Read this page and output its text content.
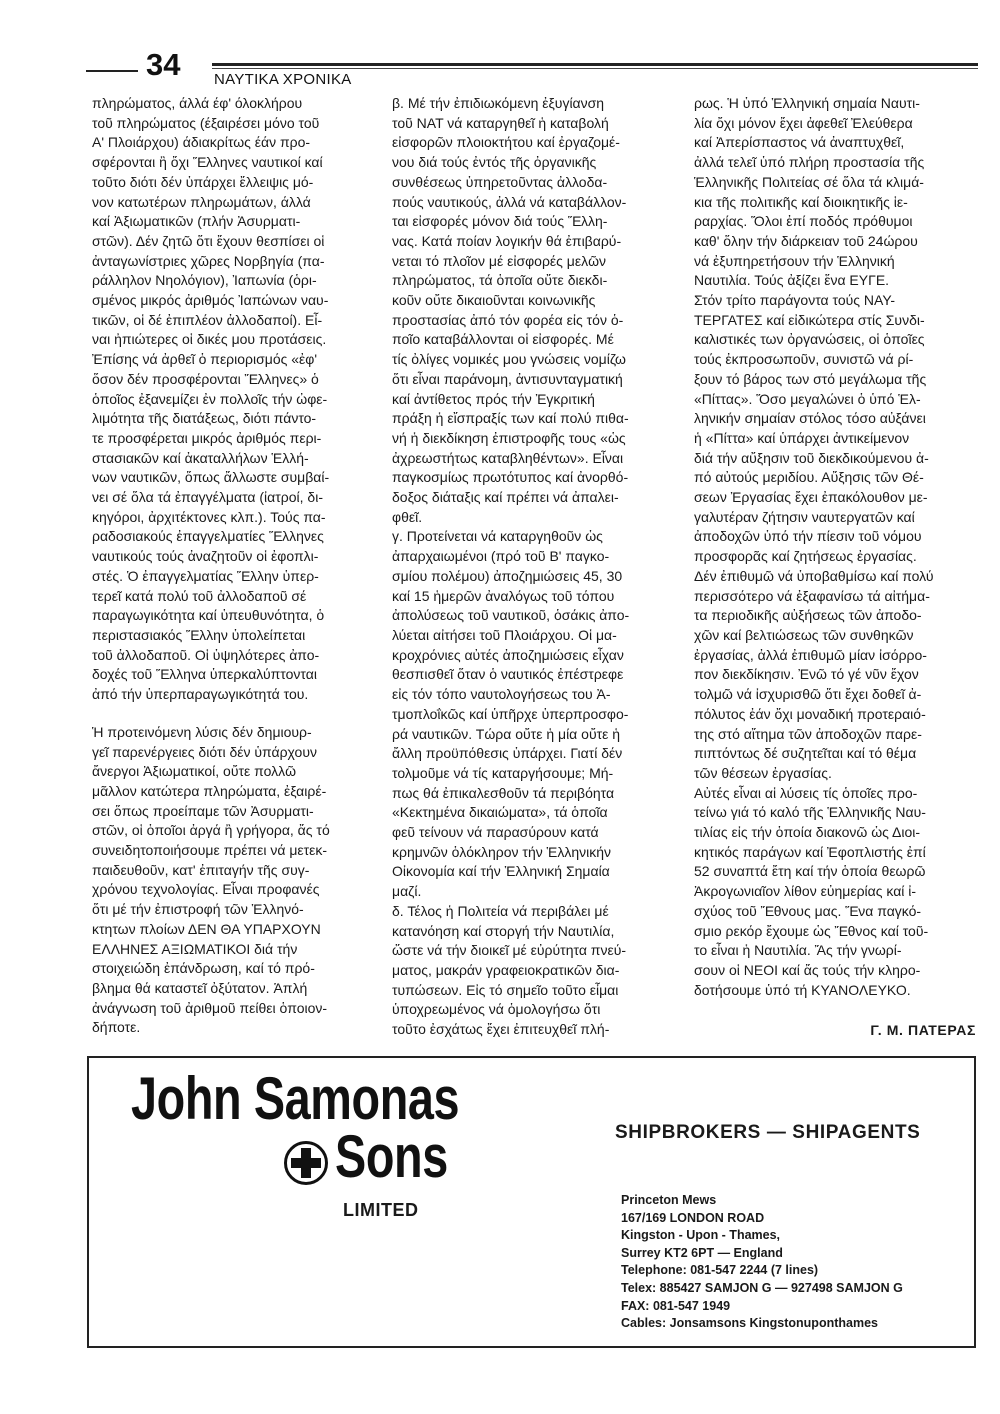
34 ΝΑΥΤΙΚΑ ΧΡΟΝΙΚΑ

πληρώματος, άλλά έφ' όλοκλήρου
τοῦ πληρώματος (έξαιρέσει μόνο τοῦ
Α' Πλοιάρχου) άδιακρίτως έάν προ-
σφέρονται ἢ ὄχι Ἕλληνες ναυτικοί καί
τοῦτο διότι δέν ὑπάρχει ἔλλειψις μό-
νον κατωτέρων πληρωμάτων, άλλά
καί Ἀξιωματικῶν (πλήν Ἀσυρματι-
στῶν). Δέν ζητῶ ὅτι ἔχουν θεσπίσει οἱ
ἀνταγωνίστριες χῶρες Νορβηγία (πα-
ράλληλον Νηολόγιον), Ἰαπωνία (ὁρι-
σμένος μικρός ἀριθμός Ἰαπώνων ναυ-
τικῶν, οἱ δέ ἐπιπλέον ἀλλοδαποί). Εἶ-
ναι ἠπιώτερες οἱ δικές μου προτάσεις.
Ἐπίσης νά ἀρθεῖ ὁ περιορισμός «ἐφ'
ὅσον δέν προσφέρονται Ἕλληνες» ὁ
ὁποῖος ἐξανεμίζει ἐν πολλοῖς τήν ὠφε-
λιμότητα τῆς διατάξεως, διότι πάντο-
τε προσφέρεται μικρός ἀριθμός περι-
στασιακῶν καί ἀκαταλλήλων Ἑλλή-
νων ναυτικῶν, ὅπως ἄλλωστε συμβαί-
νει σέ ὅλα τά ἐπαγγέλματα (ἰατροί, δι-
κηγόροι, ἀρχιτέκτονες κλπ.). Τούς πα-
ραδοσιακούς ἐπαγγελματίες Ἕλληνες
ναυτικούς τούς ἀναζητοῦν οἱ ἐφοπλι-
στές. Ὁ ἐπαγγελματίας Ἕλλην ὑπερ-
τερεῖ κατά πολύ τοῦ ἀλλοδαποῦ σέ
παραγωγικότητα καί ὑπευθυνότητα, ὁ
περιστασιακός Ἕλλην ὑπολείπεται
τοῦ ἀλλοδαποῦ. Οἱ ὑψηλότερες ἀπο-
δοχές τοῦ Ἕλληνα ὑπερκαλύπτονται
ἀπό τήν ὑπερπαραγωγικότητά του.

Ἡ προτεινόμενη λύσις δέν δημιουρ-
γεῖ παρενέργειες διότι δέν ὑπάρχουν
ἄνεργοι Ἀξιωματικοί, οὔτε πολλῶ
μᾶλλον κατώτερα πληρώματα, ἐξαιρέ-
σει ὅπως προείπαμε τῶν Ἀσυρματι-
στῶν, οἱ ὁποῖοι ἀργά ἢ γρήγορα, ἄς τό
συνειδητοποιήσουμε πρέπει νά μετεκ-
παιδευθοῦν, κατ' ἐπιταγήν τῆς συγ-
χρόνου τεχνολογίας. Εἶναι προφανές
ὅτι μέ τήν ἐπιστροφή τῶν Ἑλληνό-
κτητων πλοίων ΔΕΝ ΘΑ ΥΠΑΡΧΟΥΝ
ΕΛΛΗΝΕΣ ΑΞΙΩΜΑΤΙΚΟΙ διά τήν
στοιχειώδη ἐπάνδρωση, καί τό πρό-
βλημα θά καταστεῖ ὀξύτατον. Ἁπλή
ἀνάγνωση τοῦ ἀριθμοῦ πείθει ὁποιον-
δήποτε.

β. Μέ τήν ἐπιδιωκόμενη ἐξυγίανση
τοῦ ΝΑΤ νά καταργηθεῖ ἡ καταβολή
εἰσφορῶν πλοιοκτήτου καί ἐργαζομέ-
νου διά τούς ἐντός τῆς ὀργανικῆς
συνθέσεως ὑπηρετοῦντας ἀλλοδα-
πούς ναυτικούς, ἀλλά νά καταβάλλον-
ται εἰσφορές μόνον διά τούς Ἕλλη-
νας. Κατά ποίαν λογικήν θά ἐπιβαρύ-
νεται τό πλοῖον μέ εἰσφορές μελῶν
πληρώματος, τά ὁποῖα οὔτε διεκδι-
κοῦν οὔτε δικαιοῦνται κοινωνικῆς
προστασίας ἀπό τόν φορέα εἰς τόν ὁ-
ποῖο καταβάλλονται οἱ εἰσφορές. Μέ
τίς ὀλίγες νομικές μου γνώσεις νομίζω
ὅτι εἶναι παράνομη, ἀντισυνταγματική
καί ἀντίθετος πρός τήν Ἐγκριτική
πράξη ἡ εἴσπραξίς των καί πολύ πιθα-
νή ἡ διεκδίκηση ἐπιστροφῆς τους «ὡς
ἀχρεωστήτως καταβληθέντων». Εἶναι
παγκοσμίως πρωτότυπος καί ἀνορθό-
δοξος διάταξις καί πρέπει νά ἀπαλει-
φθεῖ.

γ. Προτείνεται νά καταργηθοῦν ὡς
ἀπαρχαιωμένοι (πρό τοῦ Β' παγκο-
σμίου πολέμου) ἀποζημιώσεις 45, 30
καί 15 ἡμερῶν ἀναλόγως τοῦ τόπου
ἀπολύσεως τοῦ ναυτικοῦ, ὁσάκις ἀπο-
λύεται αἰτήσει τοῦ Πλοιάρχου. Οἱ μα-
κροχρόνιες αὐτές ἀποζημιώσεις εἶχαν
θεσπισθεῖ ὅταν ὁ ναυτικός ἐπέστρεφε
εἰς τόν τόπο ναυτολογήσεως του Ἀ-
τμοπλοΐκῶς καί ὑπῆρχε ὑπερπροσφο-
ρά ναυτικῶν. Τώρα οὔτε ἡ μία οὔτε ἡ
ἄλλη προϋπόθεσις ὑπάρχει. Γιατί δέν
τολμοῦμε νά τίς καταργήσουμε; Μή-
πως θά ἐπικαλεσθοῦν τά περιβόητα
«Κεκτημένα δικαιώματα», τά ὁποῖα
φεῦ τείνουν νά παρασύρουν κατά
κρημνῶν ὁλόκληρον τήν Ἑλληνικήν
Οἰκονομία καί τήν Ἑλληνική Σημαία
μαζί.

δ. Τέλος ἡ Πολιτεία νά περιβάλει μέ
κατανόηση καί στοργή τήν Ναυτιλία,
ὥστε νά τήν διοικεῖ μέ εὐρύτητα πνεύ-
ματος, μακράν γραφειοκρατικῶν δια-
τυπώσεων. Εἰς τό σημεῖο τοῦτο εἶμαι
ὑποχρεωμένος νά ὁμολογήσω ὅτι
τοῦτο ἐσχάτως ἔχει ἐπιτευχθεῖ πλή-

ρως. Ἡ ὑπό Ἑλληνική σημαία Ναυτι-
λία ὄχι μόνον ἔχει ἀφεθεῖ Ἐλεύθερα
καί Ἀπερίσπαστος νά ἀναπτυχθεῖ,
ἀλλά τελεῖ ὑπό πλήρη προστασία τῆς
Ἑλληνικῆς Πολιτείας σέ ὅλα τά κλιμά-
κια τῆς πολιτικῆς καί διοικητικῆς ἱε-
ραρχίας. Ὅλοι ἐπί ποδός πρόθυμοι
καθ' ὅλην τήν διάρκειαν τοῦ 24ώρου
νά ἐξυπηρετήσουν τήν Ἑλληνική
Ναυτιλία. Τούς ἀξίζει ἕνα ΕΥΓΕ.

Στόν τρίτο παράγοντα τούς ΝΑΥ-
ΤΕΡΓΑΤΕΣ καί εἰδικώτερα στίς Συνδι-
καλιστικές των ὀργανώσεις, οἱ ὁποῖες
τούς ἐκπροσωποῦν, συνιστῶ νά ρί-
ξουν τό βάρος των στό μεγάλωμα τῆς
«Πίττας». Ὅσο μεγαλώνει ὁ ὑπό Ἑλ-
ληνικήν σημαίαν στόλος τόσο αὐξάνει
ἡ «Πίττα» καί ὑπάρχει ἀντικείμενον
διά τήν αὔξησιν τοῦ διεκδικούμενου ἀ-
πό αὐτούς μεριδίου. Αὔξησις τῶν Θέ-
σεων Ἐργασίας ἔχει ἐπακόλουθον με-
γαλυτέραν ζήτησιν ναυτεργατῶν καί
ἀποδοχῶν ὑπό τήν πίεσιν τοῦ νόμου
προσφορᾶς καί ζητήσεως ἐργασίας.
Δέν ἐπιθυμῶ νά ὑποβαθμίσω καί πολύ
περισσότερο νά ἐξαφανίσω τά αἰτήμα-
τα περιοδικῆς αὐξήσεως τῶν ἀποδο-
χῶν καί βελτιώσεως τῶν συνθηκῶν
ἐργασίας, ἀλλά ἐπιθυμῶ μίαν ἰσόρρο-
πον διεκδίκησιν. Ἐνῶ τό γέ νῦν ἔχον
τολμῶ νά ἰσχυρισθῶ ὅτι ἔχει δοθεῖ ἀ-
πόλυτος ἐάν ὄχι μοναδική προτεραιό-
της στό αἴτημα τῶν ἀποδοχῶν παρε-
πιπτόντως δέ συζητεῖται καί τό θέμα
τῶν θέσεων ἐργασίας.

Αὐτές εἶναι αἱ λύσεις τίς ὁποῖες προ-
τείνω γιά τό καλό τῆς Ἑλληνικῆς Ναυ-
τιλίας εἰς τήν ὁποία διακονῶ ὡς Διοι-
κητικός παράγων καί Ἐφοπλιστής ἐπί
52 συναπτά ἔτη καί τήν ὁποία θεωρῶ
Ἀκρογωνιαῖον λίθον εὐημερίας καί ἰ-
σχύος τοῦ Ἔθνους μας. Ἕνα παγκό-
σμιο ρεκόρ ἔχουμε ὡς Ἔθνος καί τοῦ-
το εἶναι ἡ Ναυτιλία. Ἄς τήν γνωρί-
σουν οἱ ΝΕΟΙ καί ἄς τούς τήν κληρο-
δοτήσουμε ὑπό τή ΚΥΑΝΟΛΕΥΚΟ.

Γ. Μ. ΠΑΤΕΡΑΣ
John Samonas
Sons
LIMITED
SHIPBROKERS — SHIPAGENTS
Princeton Mews
167/169 LONDON ROAD
Kingston - Upon - Thames,
Surrey KT2 6PT — England
Telephone: 081-547 2244 (7 lines)
Telex: 885427 SAMJON G — 927498 SAMJON G
FAX: 081-547 1949
Cables: Jonsamsons Kingstonuponthames
